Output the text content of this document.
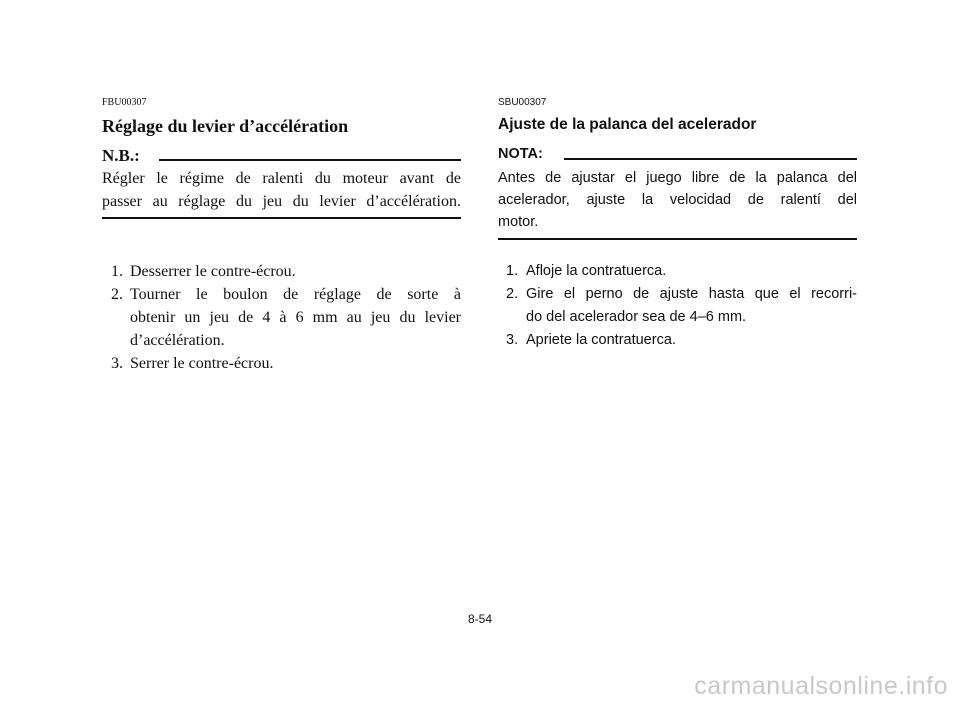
FBU00307
Réglage du levier d’accélération
N.B.:
Régler le régime de ralenti du moteur avant de
passer au réglage du jeu du levier d’accélération.
1. Desserrer le contre-écrou.
2. Tourner le boulon de réglage de sorte à
obtenir un jeu de 4 à 6 mm au jeu du levier
d’accélération.
3. Serrer le contre-écrou.
SBU00307
Ajuste de la palanca del acelerador
NOTA:
Antes de ajustar el juego libre de la palanca del
acelerador, ajuste la velocidad de ralentí del
motor.
1. Afloje la contratuerca.
2. Gire el perno de ajuste hasta que el recorri-
do del acelerador sea de 4–6 mm.
3. Apriete la contratuerca.
8-54
carmanualsonline.info
